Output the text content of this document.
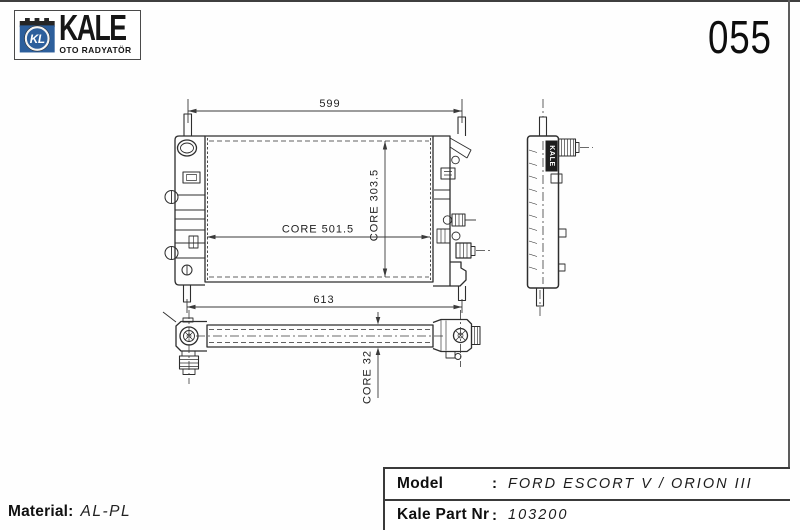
KL KALE
OTO RADYATÖR	055
KALE
599
CORE 501.5 CORE 303.5
613
CORE 32
Material: AL-PL
Model	: FORD ESCORT V / ORION III
Kale Part Nr : 103200
